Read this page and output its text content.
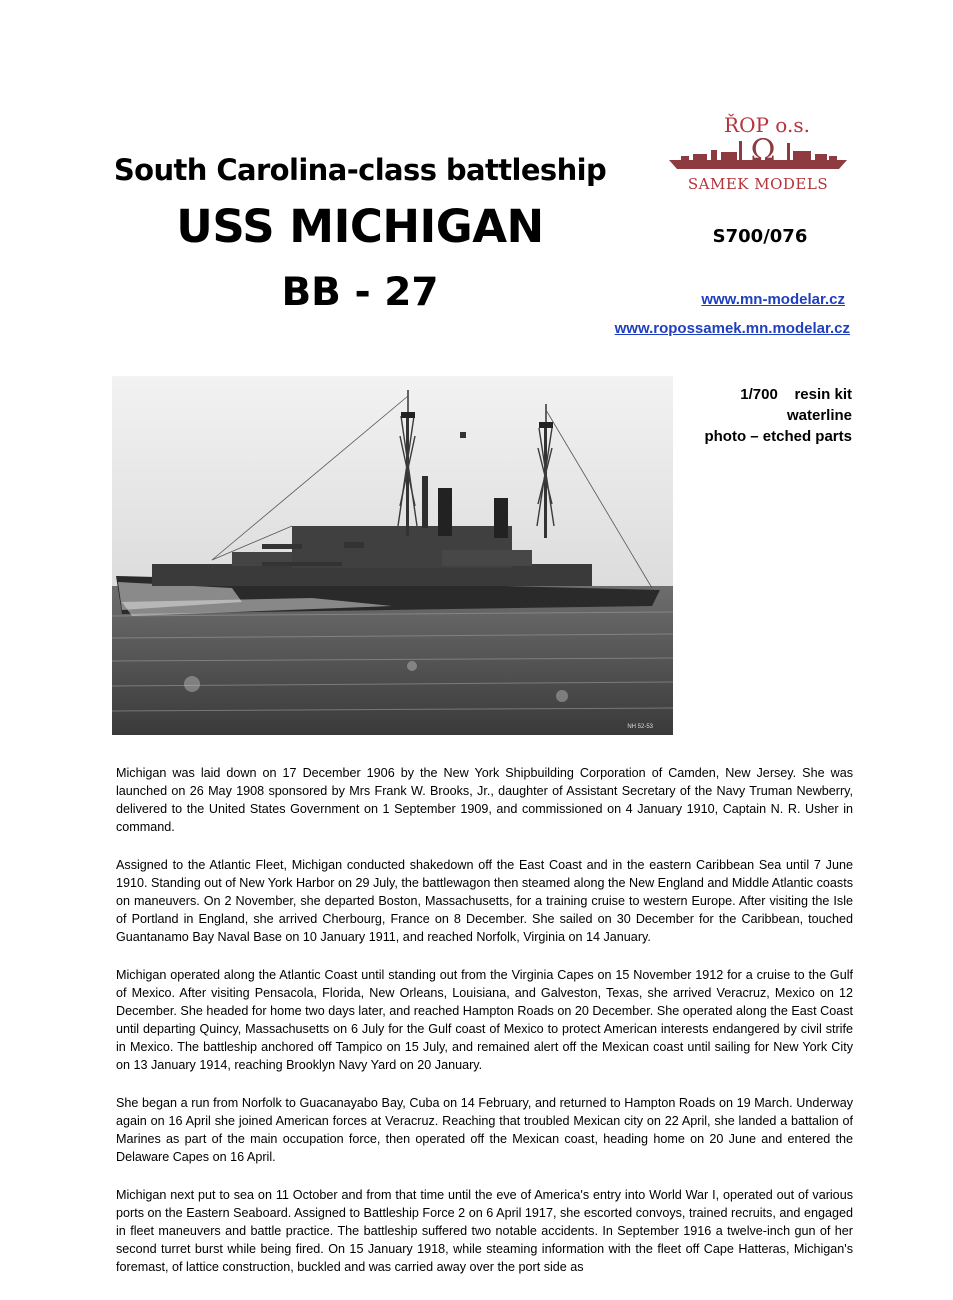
South Carolina-class battleship
USS MICHIGAN
BB - 27
ŘOP o.s.
Ω
SAMEK MODELS
S700/076
www.mn-modelar.cz
www.ropossamek.mn.modelar.cz
NH 52-53
1/700 resin kit
waterline
photo – etched parts

Michigan was laid down on 17 December 1906 by the New York Shipbuilding Corporation of Camden, New Jersey. She was launched on 26 May 1908 sponsored by Mrs Frank W. Brooks, Jr., daughter of Assistant Secretary of the Navy Truman Newberry, delivered to the United States Government on 1 September 1909, and commissioned on 4 January 1910, Captain N. R. Usher in command.

Assigned to the Atlantic Fleet, Michigan conducted shakedown off the East Coast and in the eastern Caribbean Sea until 7 June 1910. Standing out of New York Harbor on 29 July, the battlewagon then steamed along the New England and Middle Atlantic coasts on maneuvers. On 2 November, she departed Boston, Massachusetts, for a training cruise to western Europe. After visiting the Isle of Portland in England, she arrived Cherbourg, France on 8 December. She sailed on 30 December for the Caribbean, touched Guantanamo Bay Naval Base on 10 January 1911, and reached Norfolk, Virginia on 14 January.

Michigan operated along the Atlantic Coast until standing out from the Virginia Capes on 15 November 1912 for a cruise to the Gulf of Mexico. After visiting Pensacola, Florida, New Orleans, Louisiana, and Galveston, Texas, she arrived Veracruz, Mexico on 12 December. She headed for home two days later, and reached Hampton Roads on 20 December. She operated along the East Coast until departing Quincy, Massachusetts on 6 July for the Gulf coast of Mexico to protect American interests endangered by civil strife in Mexico. The battleship anchored off Tampico on 15 July, and remained alert off the Mexican coast until sailing for New York City on 13 January 1914, reaching Brooklyn Navy Yard on 20 January.

She began a run from Norfolk to Guacanayabo Bay, Cuba on 14 February, and returned to Hampton Roads on 19 March. Underway again on 16 April she joined American forces at Veracruz. Reaching that troubled Mexican city on 22 April, she landed a battalion of Marines as part of the main occupation force, then operated off the Mexican coast, heading home on 20 June and entered the Delaware Capes on 16 April.

Michigan next put to sea on 11 October and from that time until the eve of America's entry into World War I, operated out of various ports on the Eastern Seaboard. Assigned to Battleship Force 2 on 6 April 1917, she escorted convoys, trained recruits, and engaged in fleet maneuvers and battle practice. The battleship suffered two notable accidents. In September 1916 a twelve-inch gun of her second turret burst while being fired. On 15 January 1918, while steaming information with the fleet off Cape Hatteras, Michigan's foremast, of lattice construction, buckled and was carried away over the port side as
